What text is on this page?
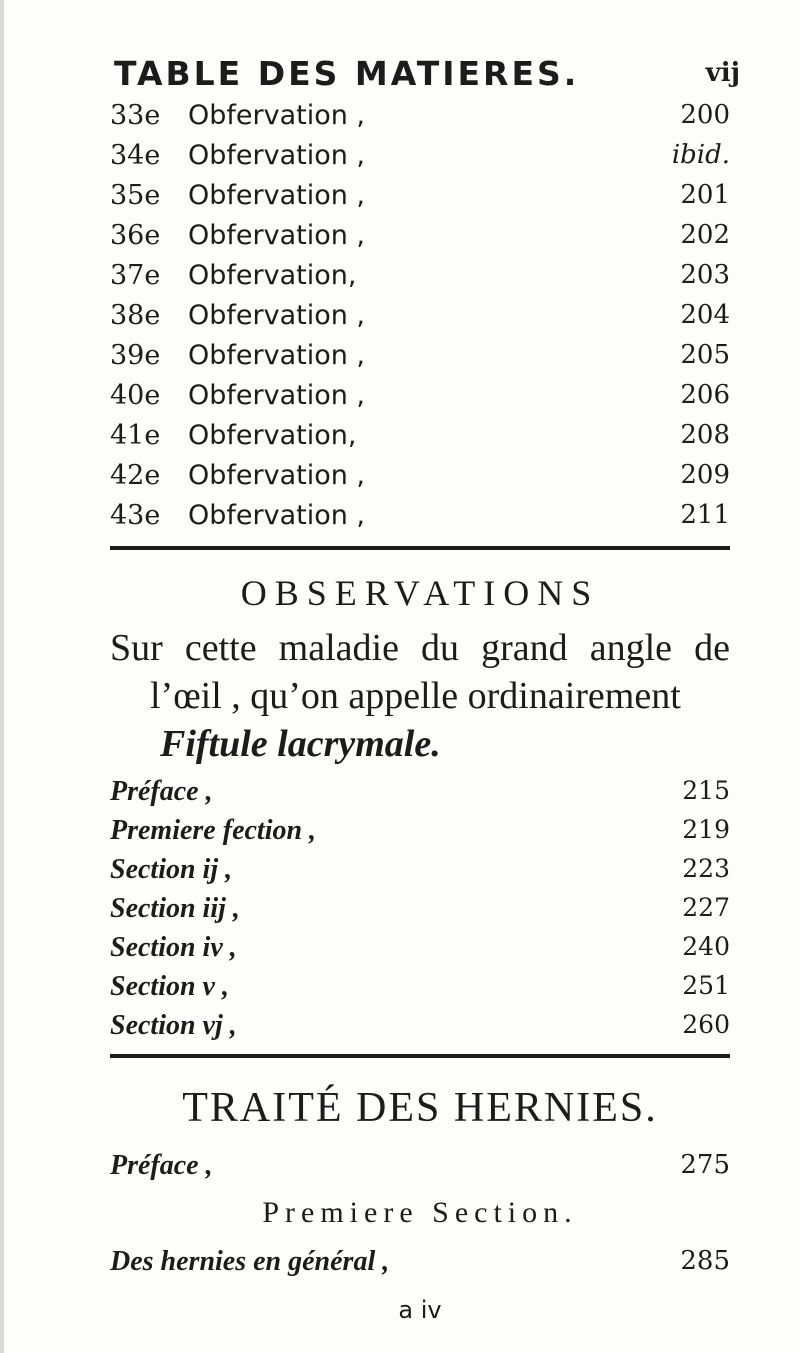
TABLE DES MATIERES.	vij
33e	Obfervation ,	200
34e	Obfervation ,	ibid.
35e	Obfervation ,	201
36e	Obfervation ,	202
37e	Obfervation,	203
38e	Obfervation ,	204
39e	Obfervation ,	205
40e	Obfervation ,	206
41e	Obfervation,	208
42e	Obfervation ,	209
43e	Obfervation ,	211
OBSERVATIONS
Sur cette maladie du grand angle de
l’œil , qu’on appelle ordinairement
Fiftule lacrymale.
Préface ,	215
Premiere fection ,	219
Section ij ,	223
Section iij ,	227
Section iv ,	240
Section v ,	251
Section vj ,	260
TRAITÉ DES HERNIES.
Préface ,	275
Premiere Section.
Des hernies en général ,	285
a iv
